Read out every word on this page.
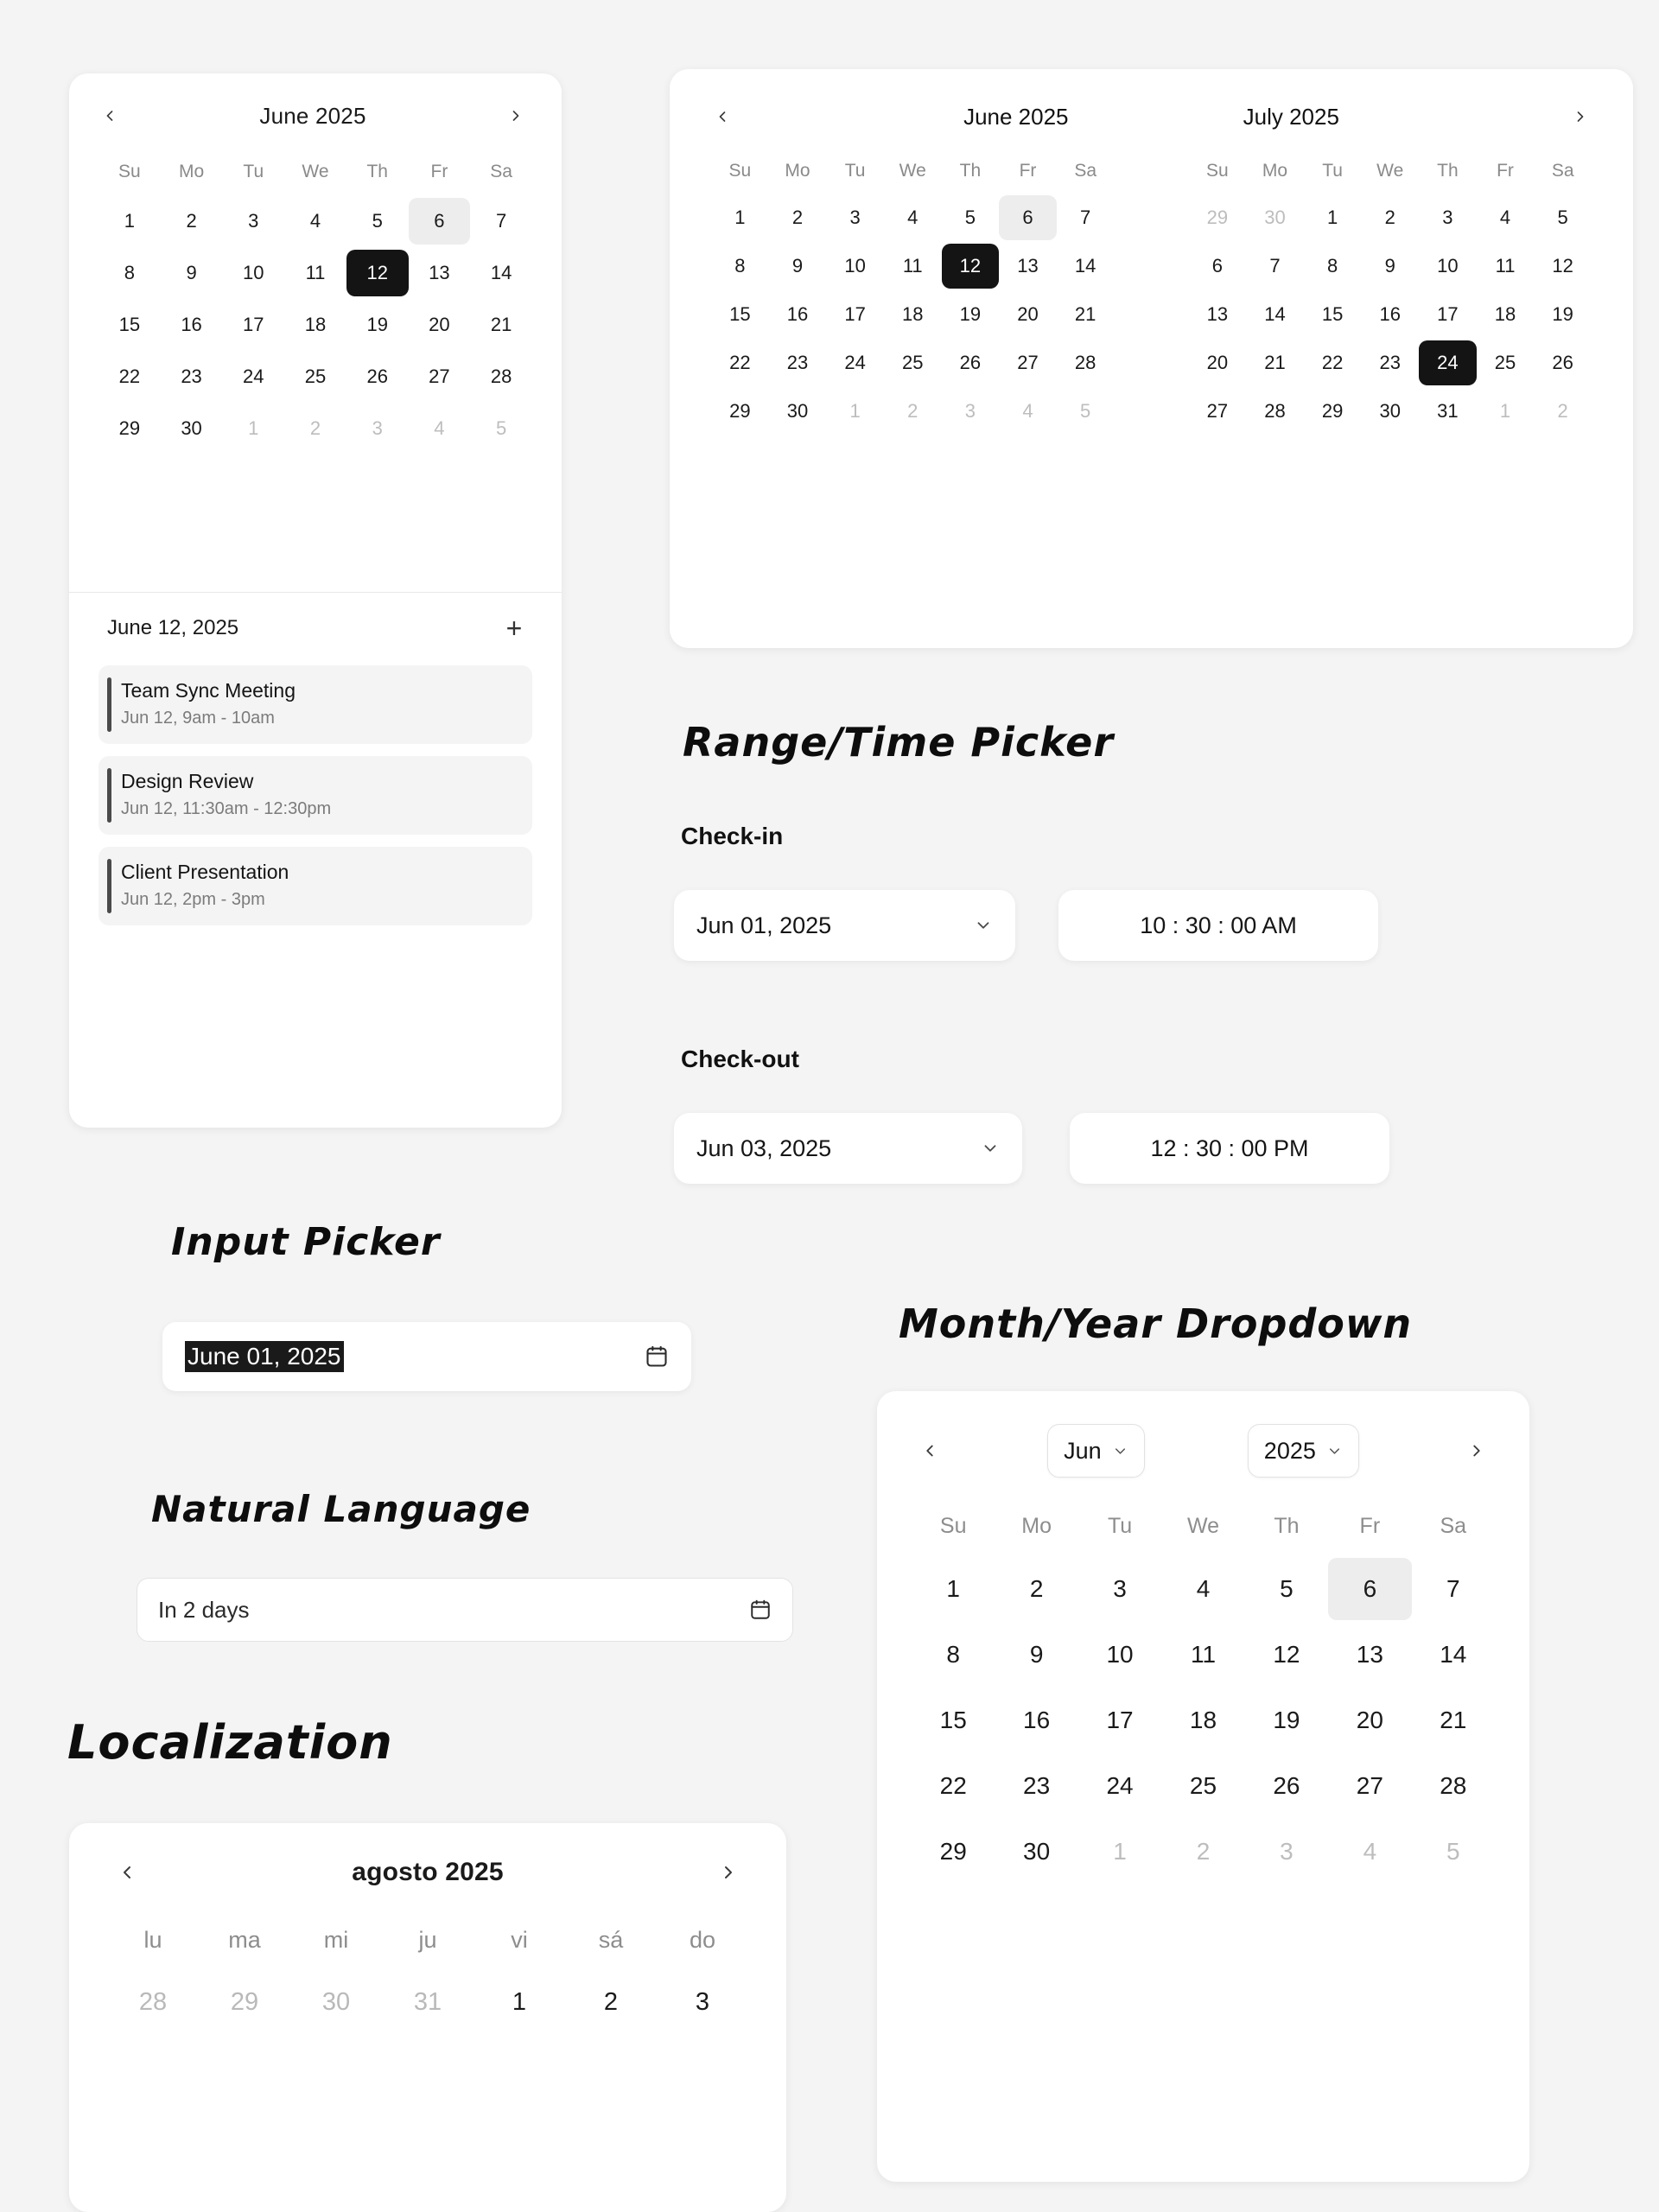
June 2025
Su	Mo	Tu	We	Th	Fr	Sa
1	2	3	4	5	6	7
8	9	10	11	12	13	14
15	16	17	18	19	20	21
22	23	24	25	26	27	28
29	30	1	2	3	4	5
June 12, 2025	+
Team Sync Meeting
Jun 12, 9am - 10am
Design Review
Jun 12, 11:30am - 12:30pm
Client Presentation
Jun 12, 2pm - 3pm
June 2025	July 2025
Su	Mo	Tu	We	Th	Fr	Sa
1	2	3	4	5	6	7
8	9	10	11	12	13	14
15	16	17	18	19	20	21
22	23	24	25	26	27	28
29	30	1	2	3	4	5
Su	Mo	Tu	We	Th	Fr	Sa
29	30	1	2	3	4	5
6	7	8	9	10	11	12
13	14	15	16	17	18	19
20	21	22	23	24	25	26
27	28	29	30	31	1	2
Range/Time Picker
Check-in
Jun 01, 2025	10 : 30 : 00 AM
Check-out
Jun 03, 2025	12 : 30 : 00 PM
Input Picker
June 01, 2025
Natural Language
In 2 days
Localization
agosto 2025
lu	ma	mi	ju	vi	sá	do
28	29	30	31	1	2	3
Month/Year Dropdown
Jun	2025
Su	Mo	Tu	We	Th	Fr	Sa
1	2	3	4	5	6	7
8	9	10	11	12	13	14
15	16	17	18	19	20	21
22	23	24	25	26	27	28
29	30	1	2	3	4	5
